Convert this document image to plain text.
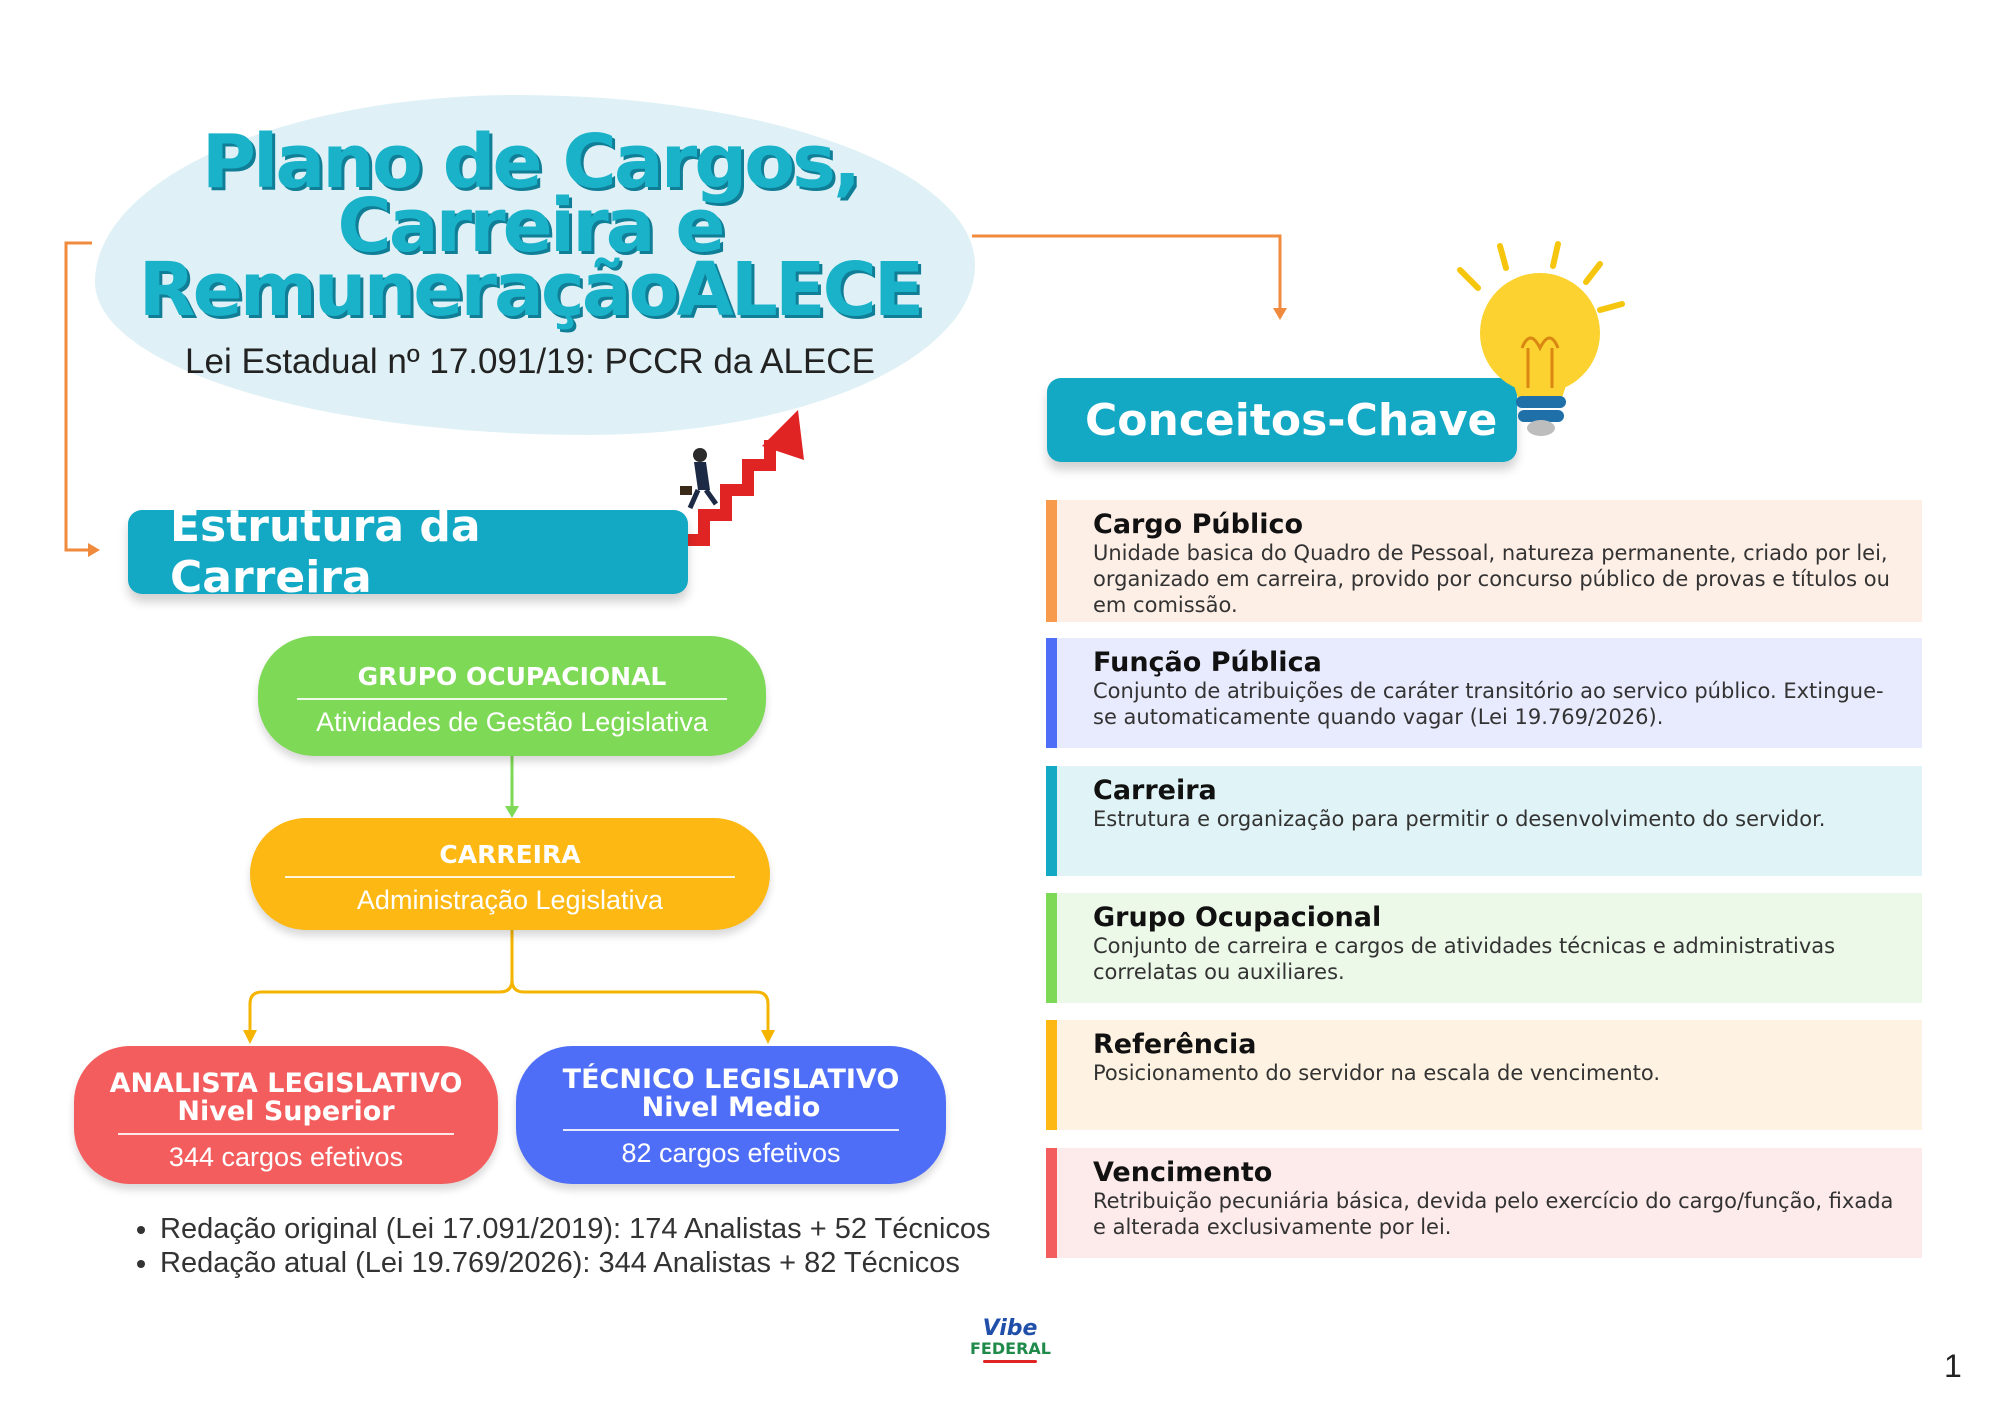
Plano de Cargos, Carreira e RemuneraçãoALECE
Lei Estadual nº 17.091/19: PCCR da ALECE
Estrutura da Carreira
Conceitos-Chave
GRUPO OCUPACIONAL
Atividades de Gestão Legislativa
CARREIRA
Administração Legislativa
ANALISTA LEGISLATIVO
Nivel Superior
344 cargos efetivos
TÉCNICO LEGISLATIVO
Nivel Medio
82 cargos efetivos
• Redação original (Lei 17.091/2019): 174 Analistas + 52 Técnicos
• Redação atual (Lei 19.769/2026): 344 Analistas + 82 Técnicos
Cargo Público
Unidade basica do Quadro de Pessoal, natureza permanente, criado por lei, organizado em carreira, provido por concurso público de provas e títulos ou em comissão.
Função Pública
Conjunto de atribuições de caráter transitório ao servico público. Extingue-se automaticamente quando vagar (Lei 19.769/2026).
Carreira
Estrutura e organização para permitir o desenvolvimento do servidor.
Grupo Ocupacional
Conjunto de carreira e cargos de atividades técnicas e administrativas correlatas ou auxiliares.
Referência
Posicionamento do servidor na escala de vencimento.
Vencimento
Retribuição pecuniária básica, devida pelo exercício do cargo/função, fixada e alterada exclusivamente por lei.
Vibe
FEDERAL	1
